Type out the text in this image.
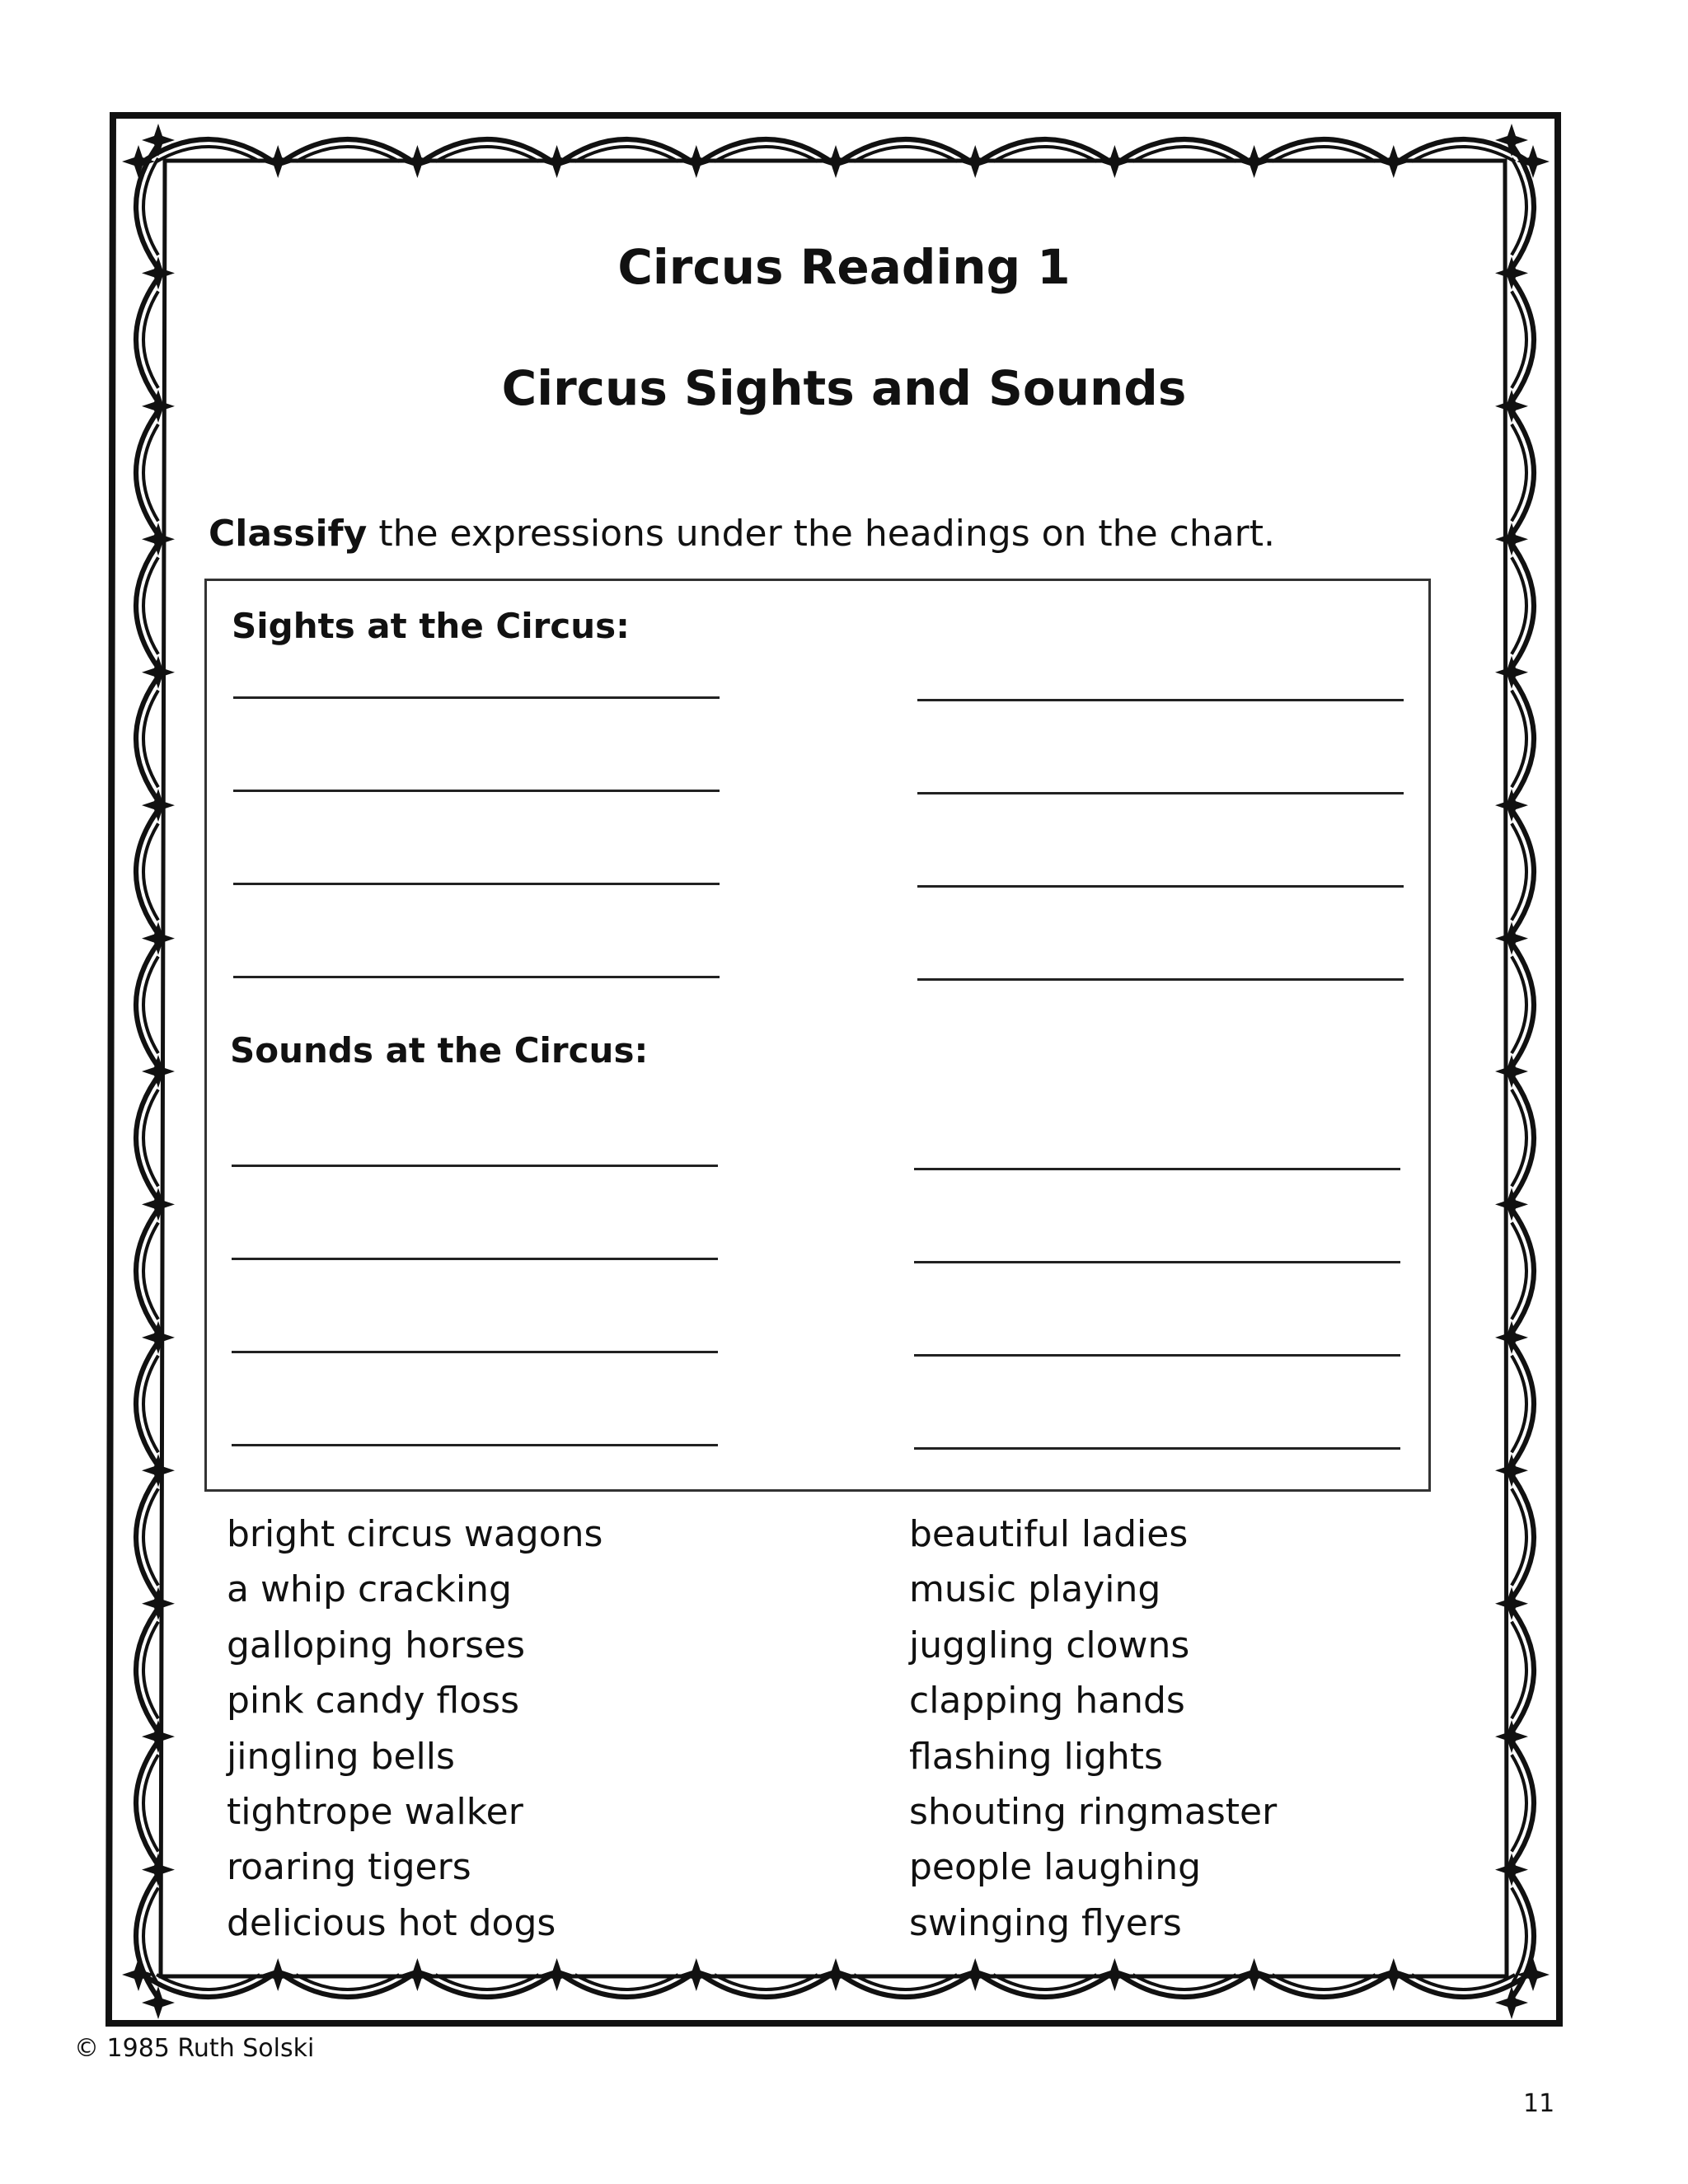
Circus Reading 1
Circus Sights and Sounds
Classify the expressions under the headings on the chart.
Sights at the Circus:
Sounds at the Circus:
bright circus wagons
a whip cracking
galloping horses
pink candy floss
jingling bells
tightrope walker
roaring tigers
delicious hot dogs
beautiful ladies
music playing
juggling clowns
clapping hands
flashing lights
shouting ringmaster
people laughing
swinging flyers
© 1985 Ruth Solski
11
